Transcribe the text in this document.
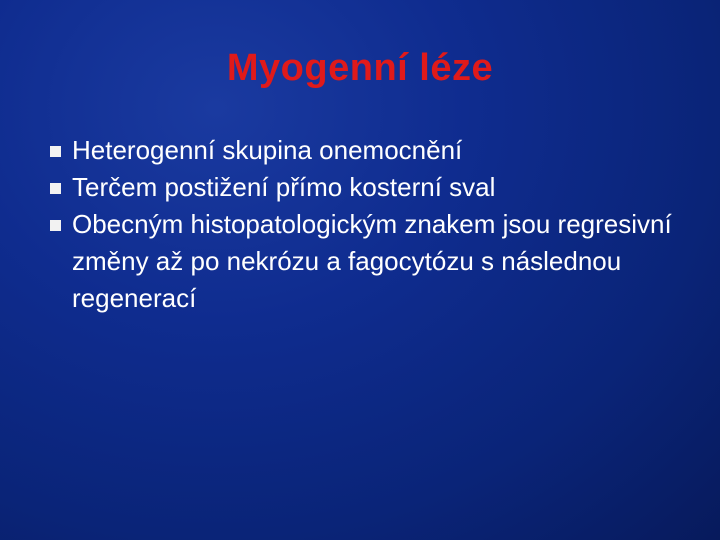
Myogenní léze
Heterogenní skupina onemocnění
Terčem postižení přímo kosterní sval
Obecným histopatologickým znakem jsou regresivní změny až po nekrózu a fagocytózu s následnou regenerací
